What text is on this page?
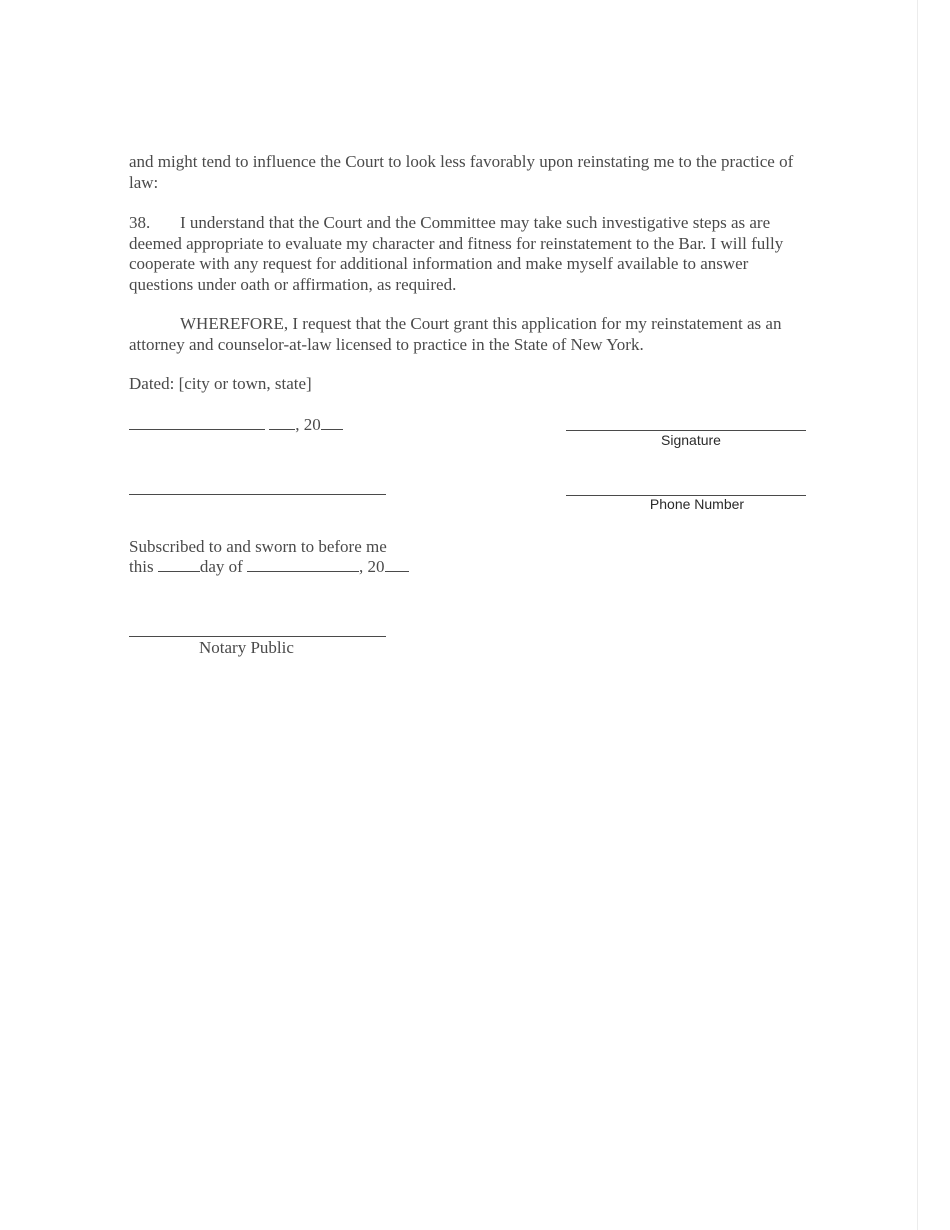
and might tend to influence the Court to look less favorably upon reinstating me to the practice of law:

38. I understand that the Court and the Committee may take such investigative steps as are deemed appropriate to evaluate my character and fitness for reinstatement to the Bar. I will fully cooperate with any request for additional information and make myself available to answer questions under oath or affirmation, as required.

WHEREFORE, I request that the Court grant this application for my reinstatement as an attorney and counselor-at-law licensed to practice in the State of New York.

Dated: [city or town, state]

, 20
Signature
Phone Number
Subscribed to and sworn to before me
this	day of	, 20
Notary Public
